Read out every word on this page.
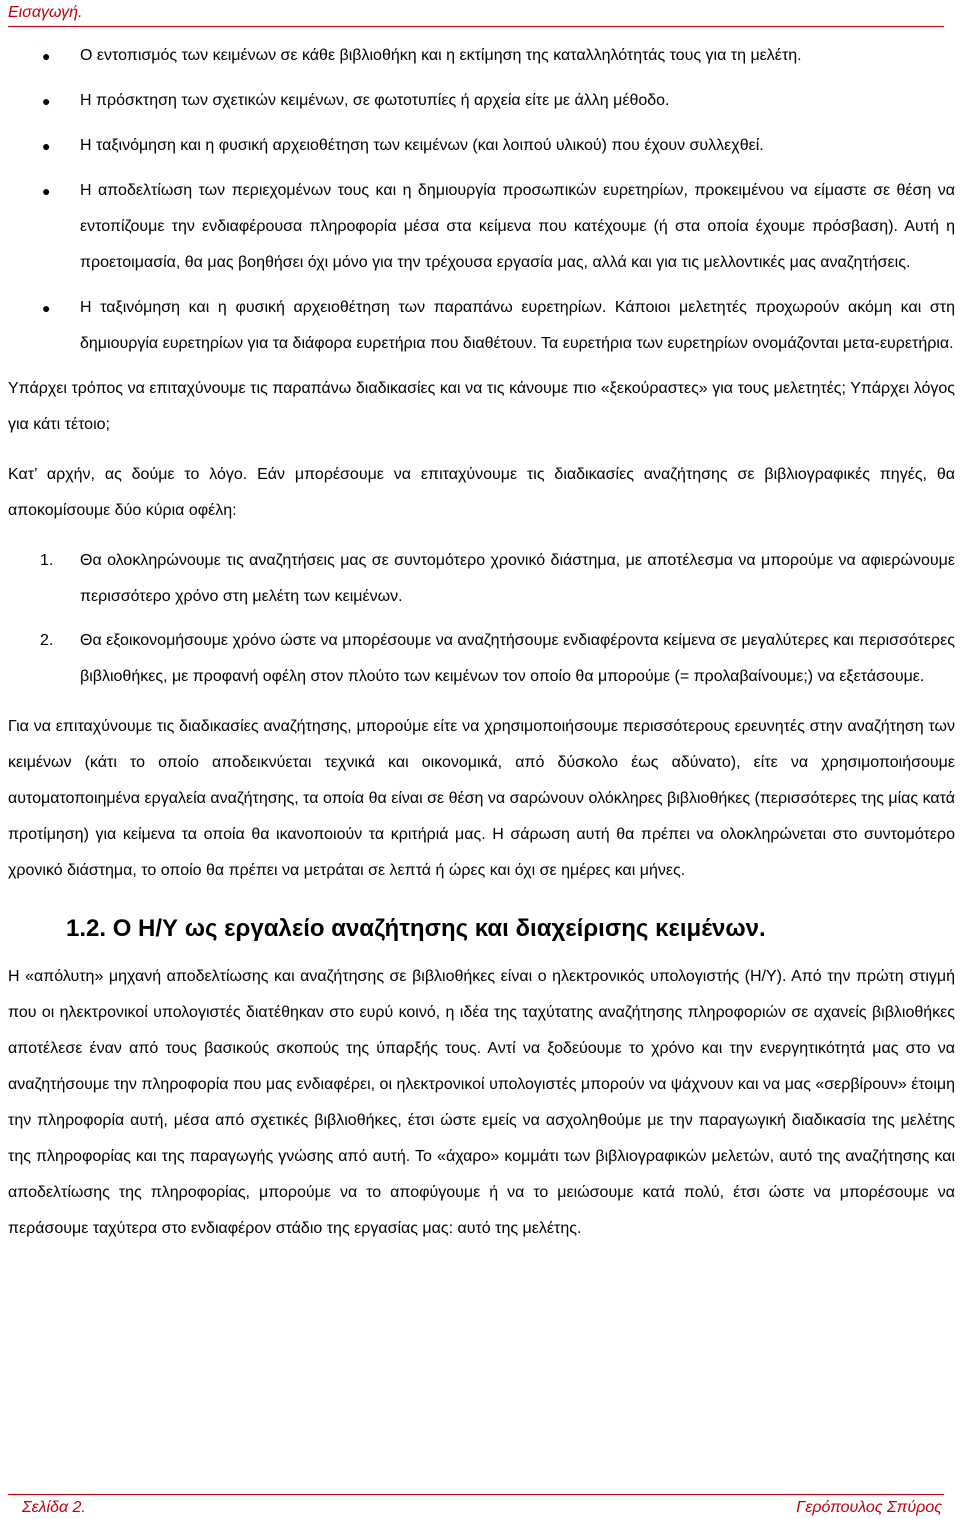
Εισαγωγή.
● Ο εντοπισμός των κειμένων σε κάθε βιβλιοθήκη και η εκτίμηση της καταλληλότητάς τους για τη μελέτη.
● Η πρόσκτηση των σχετικών κειμένων, σε φωτοτυπίες ή αρχεία είτε με άλλη μέθοδο.
● Η ταξινόμηση και η φυσική αρχειοθέτηση των κειμένων (και λοιπού υλικού) που έχουν συλλεχθεί.
● Η αποδελτίωση των περιεχομένων τους και η δημιουργία προσωπικών ευρετηρίων, προκειμένου να είμαστε σε θέση να εντοπίζουμε την ενδιαφέρουσα πληροφορία μέσα στα κείμενα που κατέχουμε (ή στα οποία έχουμε πρόσβαση). Αυτή η προετοιμασία, θα μας βοηθήσει όχι μόνο για την τρέχουσα εργασία μας, αλλά και για τις μελλοντικές μας αναζητήσεις.
● Η ταξινόμηση και η φυσική αρχειοθέτηση των παραπάνω ευρετηρίων. Κάποιοι μελετητές προχωρούν ακόμη και στη δημιουργία ευρετηρίων για τα διάφορα ευρετήρια που διαθέτουν. Τα ευρετήρια των ευρετηρίων ονομάζονται μετα-ευρετήρια.

Υπάρχει τρόπος να επιταχύνουμε τις παραπάνω διαδικασίες και να τις κάνουμε πιο «ξεκούραστες» για τους μελετητές; Υπάρχει λόγος για κάτι τέτοιο;

Κατ’ αρχήν, ας δούμε το λόγο. Εάν μπορέσουμε να επιταχύνουμε τις διαδικασίες αναζήτησης σε βιβλιογραφικές πηγές, θα αποκομίσουμε δύο κύρια οφέλη:

1. Θα ολοκληρώνουμε τις αναζητήσεις μας σε συντομότερο χρονικό διάστημα, με αποτέλεσμα να μπορούμε να αφιερώνουμε περισσότερο χρόνο στη μελέτη των κειμένων.
2. Θα εξοικονομήσουμε χρόνο ώστε να μπορέσουμε να αναζητήσουμε ενδιαφέροντα κείμενα σε μεγαλύτερες και περισσότερες βιβλιοθήκες, με προφανή οφέλη στον πλούτο των κειμένων τον οποίο θα μπορούμε (= προλαβαίνουμε;) να εξετάσουμε.

Για να επιταχύνουμε τις διαδικασίες αναζήτησης, μπορούμε είτε να χρησιμοποιήσουμε περισσότερους ερευνητές στην αναζήτηση των κειμένων (κάτι το οποίο αποδεικνύεται τεχνικά και οικονομικά, από δύσκολο έως αδύνατο), είτε να χρησιμοποιήσουμε αυτοματοποιημένα εργαλεία αναζήτησης, τα οποία θα είναι σε θέση να σαρώνουν ολόκληρες βιβλιοθήκες (περισσότερες της μίας κατά προτίμηση) για κείμενα τα οποία θα ικανοποιούν τα κριτήριά μας. Η σάρωση αυτή θα πρέπει να ολοκληρώνεται στο συντομότερο χρονικό διάστημα, το οποίο θα πρέπει να μετράται σε λεπτά ή ώρες και όχι σε ημέρες και μήνες.

1.2. Ο Η/Υ ως εργαλείο αναζήτησης και διαχείρισης κειμένων.

Η «απόλυτη» μηχανή αποδελτίωσης και αναζήτησης σε βιβλιοθήκες είναι ο ηλεκτρονικός υπολογιστής (Η/Υ). Από την πρώτη στιγμή που οι ηλεκτρονικοί υπολογιστές διατέθηκαν στο ευρύ κοινό, η ιδέα της ταχύτατης αναζήτησης πληροφοριών σε αχανείς βιβλιοθήκες αποτέλεσε έναν από τους βασικούς σκοπούς της ύπαρξής τους. Αντί να ξοδεύουμε το χρόνο και την ενεργητικότητά μας στο να αναζητήσουμε την πληροφορία που μας ενδιαφέρει, οι ηλεκτρονικοί υπολογιστές μπορούν να ψάχνουν και να μας «σερβίρουν» έτοιμη την πληροφορία αυτή, μέσα από σχετικές βιβλιοθήκες, έτσι ώστε εμείς να ασχοληθούμε με την παραγωγική διαδικασία της μελέτης της πληροφορίας και της παραγωγής γνώσης από αυτή. Το «άχαρο» κομμάτι των βιβλιογραφικών μελετών, αυτό της αναζήτησης και αποδελτίωσης της πληροφορίας, μπορούμε να το αποφύγουμε ή να το μειώσουμε κατά πολύ, έτσι ώστε να μπορέσουμε να περάσουμε ταχύτερα στο ενδιαφέρον στάδιο της εργασίας μας: αυτό της μελέτης.

Σελίδα 2.	Γερόπουλος Σπύρος
